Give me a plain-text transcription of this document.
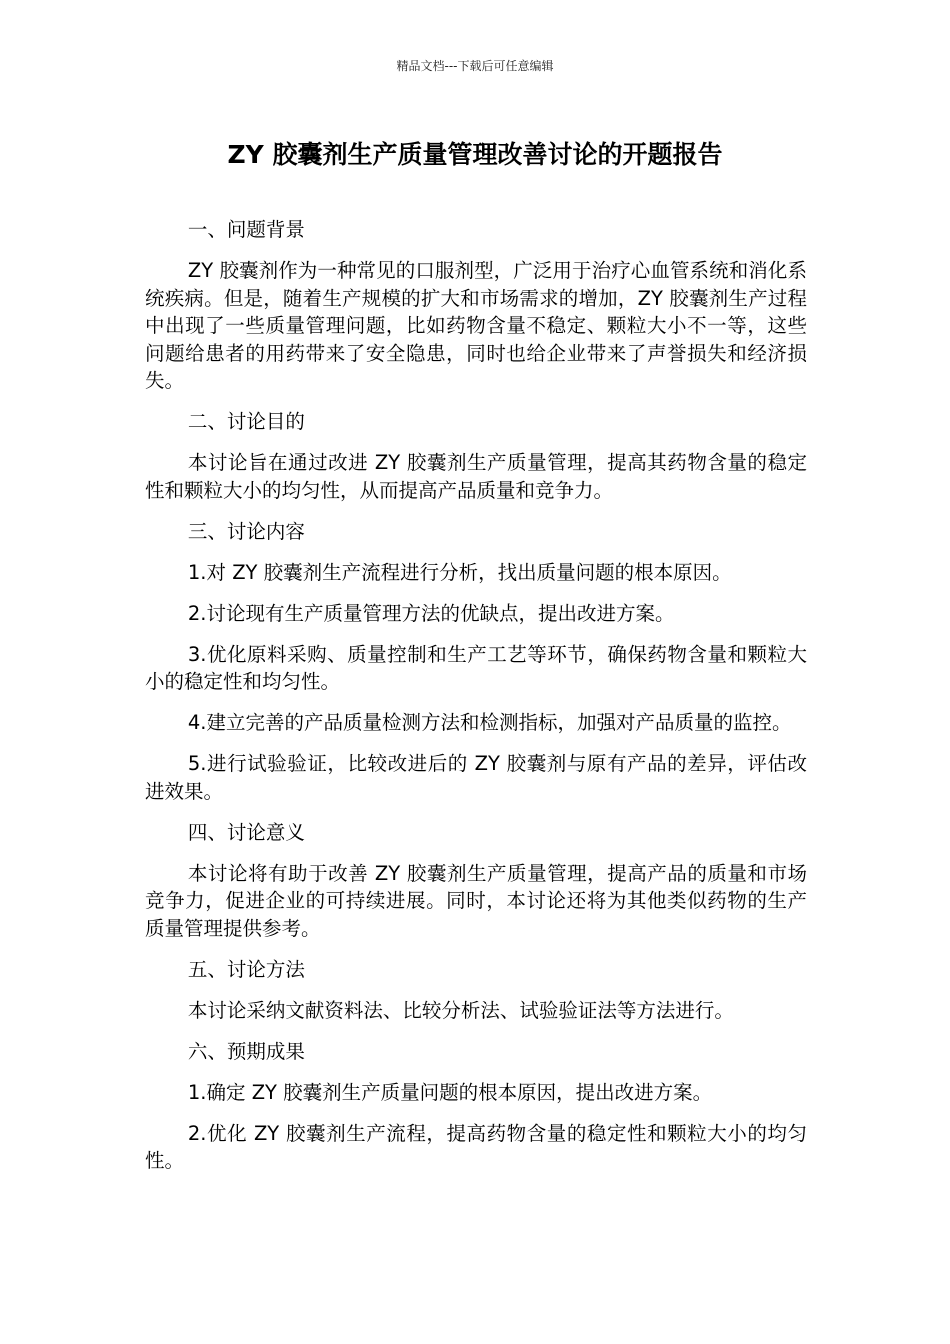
精品文档---下载后可任意编辑
ZY 胶囊剂生产质量管理改善讨论的开题报告

一、问题背景

ZY 胶囊剂作为一种常见的口服剂型，广泛用于治疗心血管系统和消化系统疾病。但是，随着生产规模的扩大和市场需求的增加，ZY 胶囊剂生产过程中出现了一些质量管理问题，比如药物含量不稳定、颗粒大小不一等，这些问题给患者的用药带来了安全隐患，同时也给企业带来了声誉损失和经济损失。

二、讨论目的

本讨论旨在通过改进 ZY 胶囊剂生产质量管理，提高其药物含量的稳定性和颗粒大小的均匀性，从而提高产品质量和竞争力。

三、讨论内容

1.对 ZY 胶囊剂生产流程进行分析，找出质量问题的根本原因。

2.讨论现有生产质量管理方法的优缺点，提出改进方案。

3.优化原料采购、质量控制和生产工艺等环节，确保药物含量和颗粒大小的稳定性和均匀性。

4.建立完善的产品质量检测方法和检测指标，加强对产品质量的监控。

5.进行试验验证，比较改进后的 ZY 胶囊剂与原有产品的差异，评估改进效果。

四、讨论意义

本讨论将有助于改善 ZY 胶囊剂生产质量管理，提高产品的质量和市场竞争力，促进企业的可持续进展。同时，本讨论还将为其他类似药物的生产质量管理提供参考。

五、讨论方法

本讨论采纳文献资料法、比较分析法、试验验证法等方法进行。

六、预期成果

1.确定 ZY 胶囊剂生产质量问题的根本原因，提出改进方案。

2.优化 ZY 胶囊剂生产流程，提高药物含量的稳定性和颗粒大小的均匀性。
